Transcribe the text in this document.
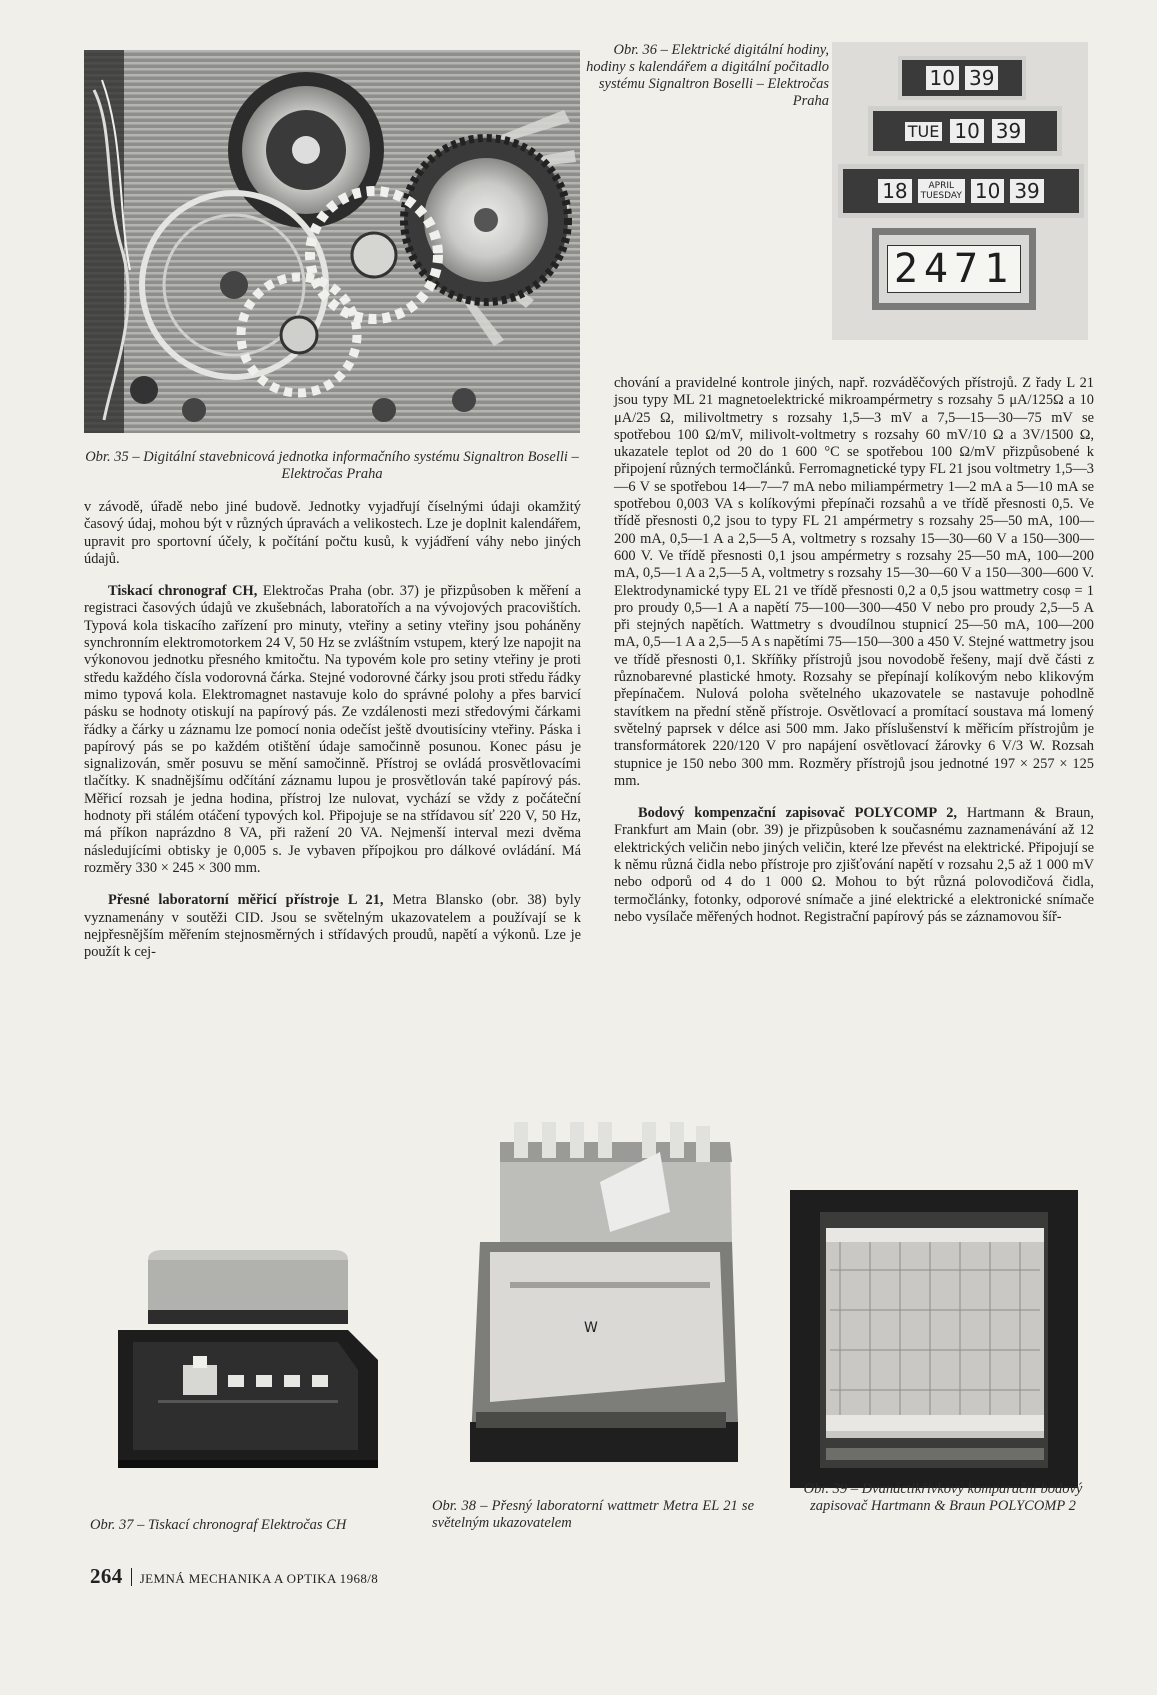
Obr. 36 – Elektrické digitální hodiny, hodiny s kalendářem a digitální počitadlo systému Signaltron Boselli – Elektročas Praha
10 39
TUE 10 39
18	APRIL
TUESDAY 10 39
2471
Obr. 35 – Digitální stavebnicová jednotka informačního systému Signaltron Boselli – Elektročas Praha

v závodě, úřadě nebo jiné budově. Jednotky vyjadřují číselnými údaji okamžitý časový údaj, mohou být v různých úpravách a velikostech. Lze je doplnit kalendářem, upravit pro sportovní účely, k počítání počtu kusů, k vyjádření váhy nebo jiných údajů.

Tiskací chronograf CH, Elektročas Praha (obr. 37) je přizpůsoben k měření a registraci časových údajů ve zkušebnách, laboratořích a na vývojových pracovištích. Typová kola tiskacího zařízení pro minuty, vteřiny a setiny vteřiny jsou poháněny synchronním elektromotorkem 24 V, 50 Hz se zvláštním vstupem, který lze napojit na výkonovou jednotku přesného kmitočtu. Na typovém kole pro setiny vteřiny je proti středu každého čísla vodorovná čárka. Stejné vodorovné čárky jsou proti středu řádky mimo typová kola. Elektromagnet nastavuje kolo do správné polohy a přes barvicí pásku se hodnoty otiskují na papírový pás. Ze vzdálenosti mezi středovými čárkami řádky a čárky u záznamu lze pomocí nonia odečíst ještě dvoutisíciny vteřiny. Páska i papírový pás se po každém otištění údaje samočinně posunou. Konec pásu je signalizován, směr posuvu se mění samočinně. Přístroj se ovládá prosvětlovacími tlačítky. K snadnějšímu odčítání záznamu lupou je prosvětlován také papírový pás. Měřicí rozsah je jedna hodina, přístroj lze nulovat, vychází se vždy z počáteční hodnoty při stálém otáčení typových kol. Připojuje se na střídavou síť 220 V, 50 Hz, má příkon naprázdno 8 VA, při ražení 20 VA. Nejmenší interval mezi dvěma následujícími obtisky je 0,005 s. Je vybaven přípojkou pro dálkové ovládání. Má rozměry 330 × 245 × 300 mm.

Přesné laboratorní měřicí přístroje L 21, Metra Blansko (obr. 38) byly vyznamenány v soutěži CID. Jsou se světelným ukazovatelem a používají se k nejpřesnějším měřením stejnosměrných i střídavých proudů, napětí a výkonů. Lze je použít k cej-

chování a pravidelné kontrole jiných, např. rozváděčových přístrojů. Z řady L 21 jsou typy ML 21 magnetoelektrické mikroampérmetry s rozsahy 5 μA/125Ω a 10 μA/25 Ω, milivoltmetry s rozsahy 1,5—3 mV a 7,5—15—30—75 mV se spotřebou 100 Ω/mV, milivolt-voltmetry s rozsahy 60 mV/10 Ω a 3V/1500 Ω, ukazatele teplot od 20 do 1 600 °C se spotřebou 100 Ω/mV přizpůsobené k připojení různých termočlánků. Ferromagnetické typy FL 21 jsou voltmetry 1,5—3—6 V se spotřebou 14—7—7 mA nebo miliampérmetry 1—2 mA a 5—10 mA se spotřebou 0,003 VA s kolíkovými přepínači rozsahů a ve třídě přesnosti 0,5. Ve třídě přesnosti 0,2 jsou to typy FL 21 ampérmetry s rozsahy 25—50 mA, 100—200 mA, 0,5—1 A a 2,5—5 A, voltmetry s rozsahy 15—30—60 V a 150—300—600 V. Ve třídě přesnosti 0,1 jsou ampérmetry s rozsahy 25—50 mA, 100—200 mA, 0,5—1 A a 2,5—5 A, voltmetry s rozsahy 15—30—60 V a 150—300—600 V. Elektrodynamické typy EL 21 ve třídě přesnosti 0,2 a 0,5 jsou wattmetry cosφ = 1 pro proudy 0,5—1 A a napětí 75—100—300—450 V nebo pro proudy 2,5—5 A při stejných napětích. Wattmetry s dvoudílnou stupnicí 25—50 mA, 100—200 mA, 0,5—1 A a 2,5—5 A s napětími 75—150—300 a 450 V. Stejné wattmetry jsou ve třídě přesnosti 0,1. Skříňky přístrojů jsou novodobě řešeny, mají dvě části z různobarevné plastické hmoty. Rozsahy se přepínají kolíkovým nebo klikovým přepínačem. Nulová poloha světelného ukazovatele se nastavuje pohodlně stavítkem na přední stěně přístroje. Osvětlovací a promítací soustava má lomený světelný paprsek v délce asi 500 mm. Jako příslušenství k měřicím přístrojům je transformátorek 220/120 V pro napájení osvětlovací žárovky 6 V/3 W. Rozsah stupnice je 150 nebo 300 mm. Rozměry přístrojů jsou jednotné 197 × 257 × 125 mm.

Bodový kompenzační zapisovač POLYCOMP 2, Hartmann & Braun, Frankfurt am Main (obr. 39) je přizpůsoben k současnému zaznamenávání až 12 elektrických veličin nebo jiných veličin, které lze převést na elektrické. Připojují se k němu různá čidla nebo přístroje pro zjišťování napětí v rozsahu 2,5 až 1 000 mV nebo odporů od 4 do 1 000 Ω. Mohou to být různá polovodičová čidla, termočlánky, fotonky, odporové snímače a jiné elektrické a elektronické snímače nebo vysílače měřených hodnot. Registrační papírový pás se záznamovou šíř-

W
Obr. 37 – Tiskací chronograf Elektročas CH
Obr. 38 – Přesný laboratorní wattmetr Metra EL 21 se světelným ukazovatelem
Obr. 39 – Dvanáctikřivkový komparační bodový zapisovač Hartmann & Braun POLYCOMP 2
264 JEMNÁ MECHANIKA A OPTIKA 1968/8
